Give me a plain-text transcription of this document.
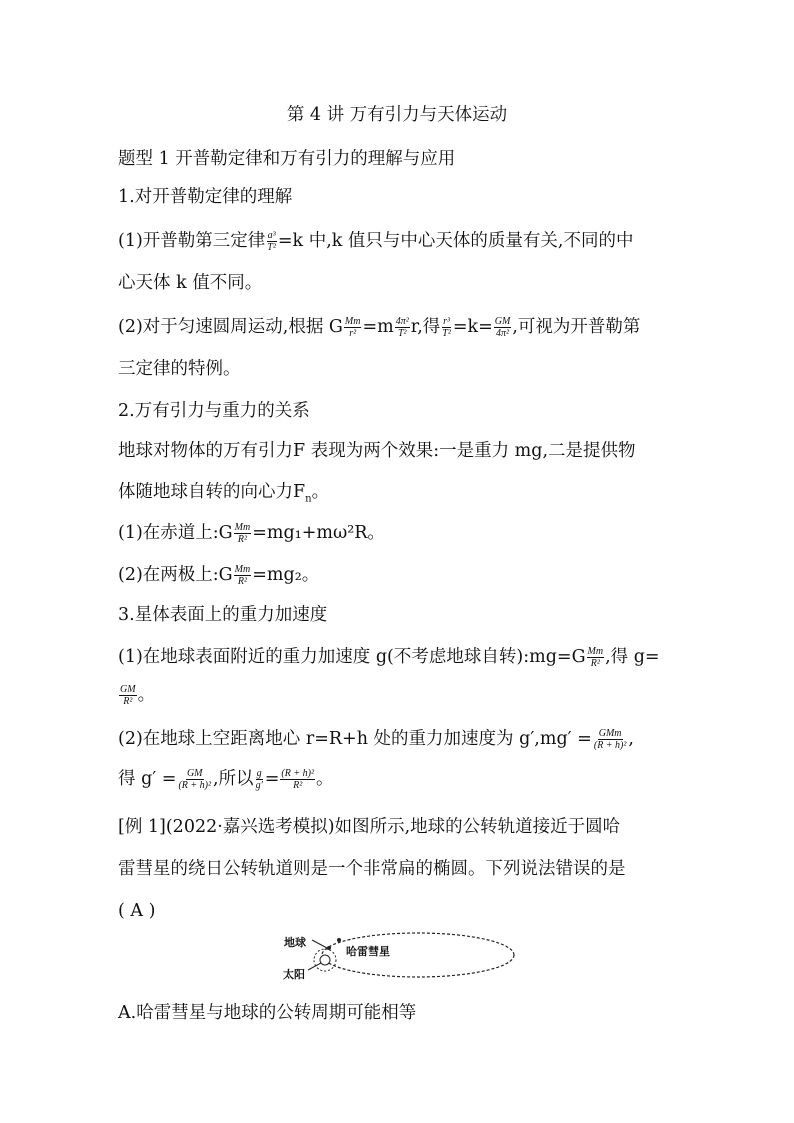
第 4 讲 万有引力与天体运动
题型 1 开普勒定律和万有引力的理解与应用
1.对开普勒定律的理解
(1)开普勒第三定律 $\frac{\text{a³}}{\text{T²}} =k$ 中,k 值只与中心天体的质量有关,不同的中
心天体 k 值不同。
(2)对于匀速圆周运动,根据 G $\frac{Mm}{\text{r²}} =m \frac{\text{4π²}}{\text{T²}} r$,得 $\frac{\text{r³}}{\text{T²}} =k= \frac{GM}{\text{4π²}}$ ,可视为开普勒第
三定律的特例。
2.万有引力与重力的关系
地球对物体的万有引力F 表现为两个效果:一是重力 mg,二是提供物
体随地球自转的向心力$F_n$。
(1)在赤道上:G $\frac{Mm}{\text{R²}} =mg_1+m\omega^2R$。
(2)在两极上:G $\frac{Mm}{\text{R²}} =mg_2$。
3.星体表面上的重力加速度
(1)在地球表面附近的重力加速度 g(不考虑地球自转):mg=G $\frac{Mm}{\text{R²}}$ ,得 g=
$\frac{GM}{\text{R²}}$ 。
(2)在地球上空距离地心 r=R+h 处的重力加速度为 $g',mg' = \frac{\text{GMm}}{\text{(R + h)²}}$ ,
得 $g' = \frac{GM}{\text{(R + h)²}}$ ,所以 $\frac{g}{g'} = \frac{\text{(R + h)²}}{\text{R²}}$ 。
[例 1](2022·嘉兴选考模拟)如图所示,地球的公转轨道接近于圆哈
雷彗星的绕日公转轨道则是一个非常扁的椭圆。下列说法错误的是
( A )
地球
太阳
哈雷彗星
A.哈雷彗星与地球的公转周期可能相等
